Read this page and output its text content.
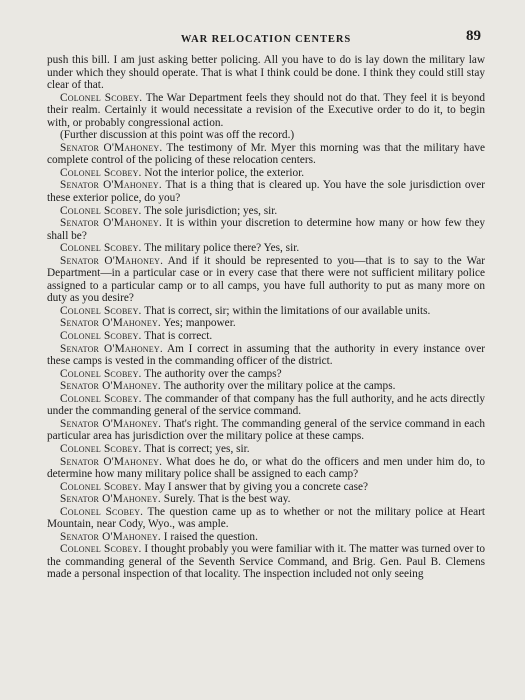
WAR RELOCATION CENTERS	89

push this bill. I am just asking better policing. All you have to do is lay down the military law under which they should operate. That is what I think could be done. I think they could still stay clear of that.

Colonel Scobey. The War Department feels they should not do that. They feel it is beyond their realm. Certainly it would necessitate a revision of the Executive order to do it, to begin with, or probably congressional action.

(Further discussion at this point was off the record.)

Senator O'Mahoney. The testimony of Mr. Myer this morning was that the military have complete control of the policing of these relocation centers.

Colonel Scobey. Not the interior police, the exterior.

Senator O'Mahoney. That is a thing that is cleared up. You have the sole jurisdiction over these exterior police, do you?

Colonel Scobey. The sole jurisdiction; yes, sir.

Senator O'Mahoney. It is within your discretion to determine how many or how few they shall be?

Colonel Scobey. The military police there? Yes, sir.

Senator O'Mahoney. And if it should be represented to you—that is to say to the War Department—in a particular case or in every case that there were not sufficient military police assigned to a particular camp or to all camps, you have full authority to put as many more on duty as you desire?

Colonel Scobey. That is correct, sir; within the limitations of our available units.

Senator O'Mahoney. Yes; manpower.

Colonel Scobey. That is correct.

Senator O'Mahoney. Am I correct in assuming that the authority in every instance over these camps is vested in the commanding officer of the district.

Colonel Scobey. The authority over the camps?

Senator O'Mahoney. The authority over the military police at the camps.

Colonel Scobey. The commander of that company has the full authority, and he acts directly under the commanding general of the service command.

Senator O'Mahoney. That's right. The commanding general of the service command in each particular area has jurisdiction over the military police at these camps.

Colonel Scobey. That is correct; yes, sir.

Senator O'Mahoney. What does he do, or what do the officers and men under him do, to determine how many military police shall be assigned to each camp?

Colonel Scobey. May I answer that by giving you a concrete case?

Senator O'Mahoney. Surely. That is the best way.

Colonel Scobey. The question came up as to whether or not the military police at Heart Mountain, near Cody, Wyo., was ample.

Senator O'Mahoney. I raised the question.

Colonel Scobey. I thought probably you were familiar with it. The matter was turned over to the commanding general of the Seventh Service Command, and Brig. Gen. Paul B. Clemens made a personal inspection of that locality. The inspection included not only seeing
